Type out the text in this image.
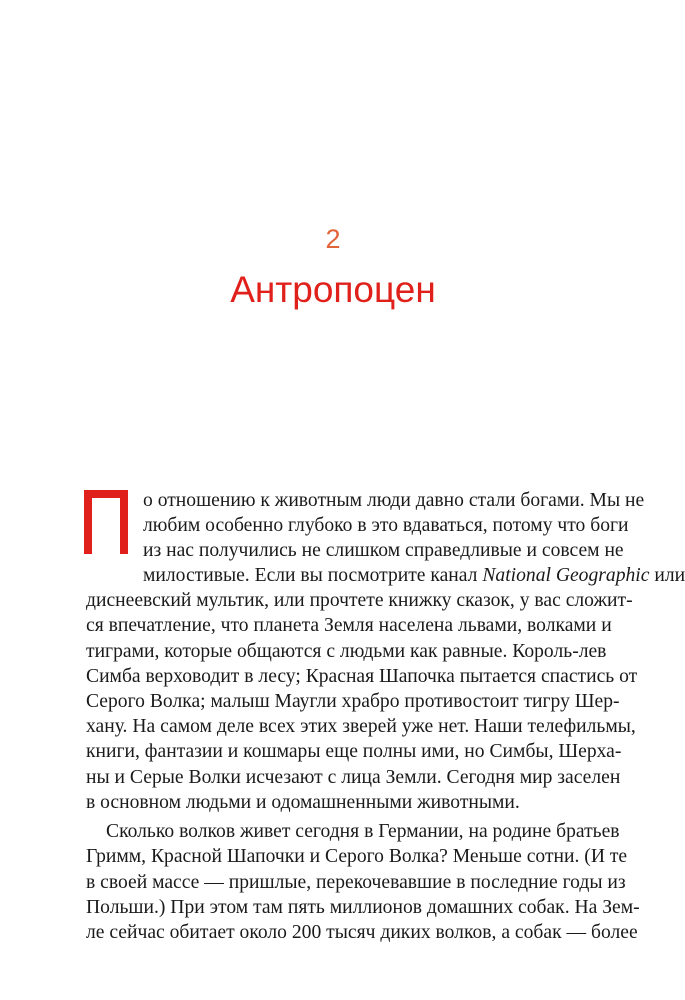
2
Антропоцен
о отношению к животным люди давно стали богами. Мы не
любим особенно глубоко в это вдаваться, потому что боги
из нас получились не слишком справедливые и совсем не
милостивые. Если вы посмотрите канал National Geographic или
диснеевский мультик, или прочтете книжку сказок, у вас сложит-
ся впечатление, что планета Земля населена львами, волками и
тиграми, которые общаются с людьми как равные. Король-лев
Симба верховодит в лесу; Красная Шапочка пытается спастись от
Серого Волка; малыш Маугли храбро противостоит тигру Шер-
хану. На самом деле всех этих зверей уже нет. Наши телефильмы,
книги, фантазии и кошмары еще полны ими, но Симбы, Шерха-
ны и Серые Волки исчезают с лица Земли. Сегодня мир заселен
в основном людьми и одомашненными животными.
Сколько волков живет сегодня в Германии, на родине братьев
Гримм, Красной Шапочки и Серого Волка? Меньше сотни. (И те
в своей массе — пришлые, перекочевавшие в последние годы из
Польши.) При этом там пять миллионов домашних собак. На Зем-
ле сейчас обитает около 200 тысяч диких волков, а собак — более
